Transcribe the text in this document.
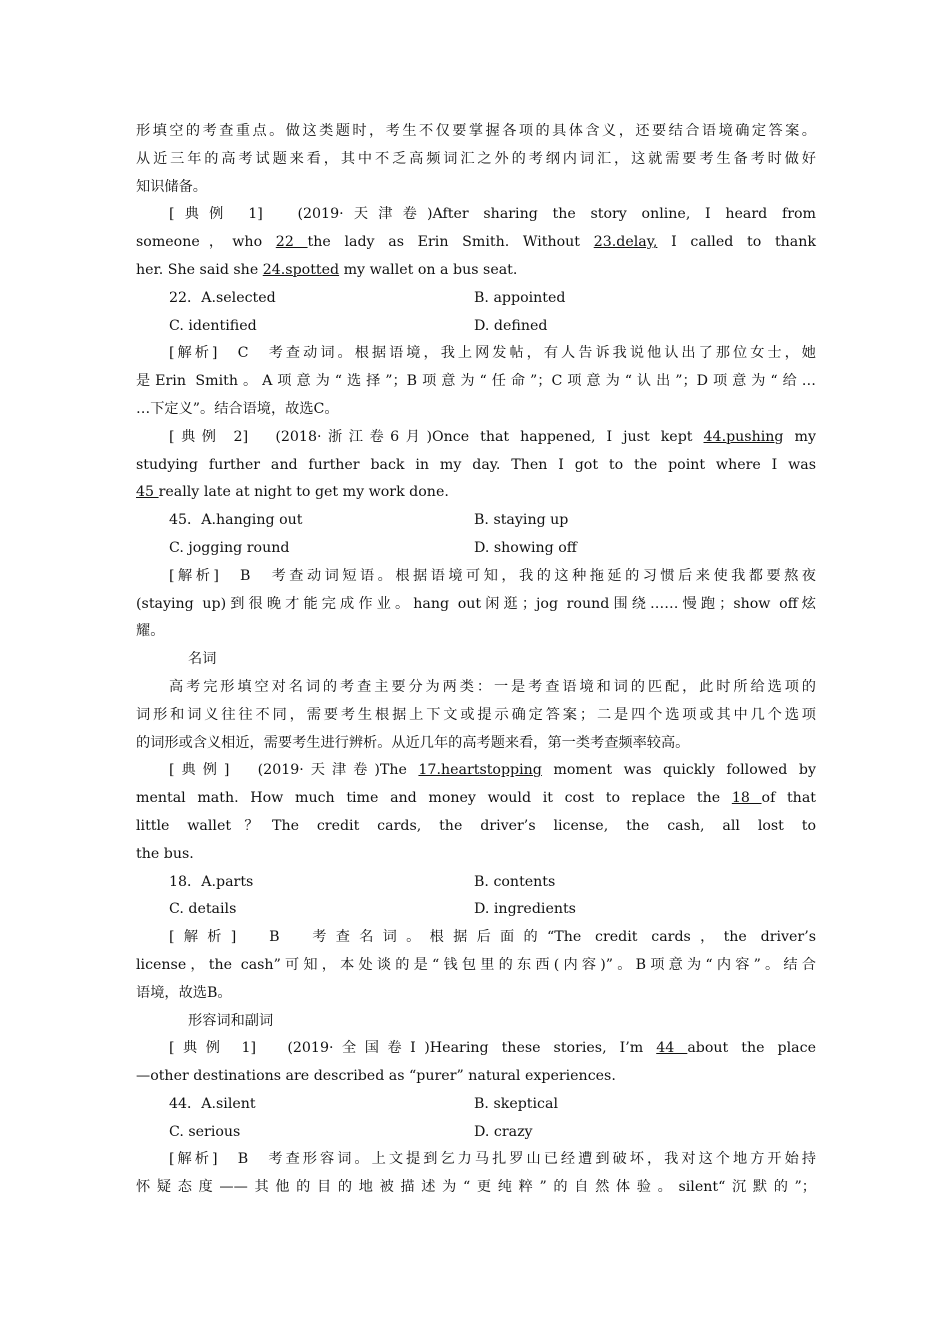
形填空的考查重点。做这类题时，考生不仅要掌握各项的具体含义，还要结合语境确定答案。
从近三年的高考试题来看，其中不乏高频词汇之外的考纲内词汇，这就需要考生备考时做好
知识储备。
[典例 1]　(2019·天津卷)After sharing the story online, I heard from
someone，who 22 the lady as Erin Smith. Without 23.delay, I called to thank
her. She said she 24.spotted my wallet on a bus seat.
22．A.selected	B. appointed
C. identified	D. defined
[解析]　C　考查动词。根据语境，我上网发帖，有人告诉我说他认出了那位女士，她
是Erin Smith。A项意为“选择”；B项意为“任命”；C项意为“认出”；D项意为“给…
…下定义”。结合语境，故选C。
[典例 2]　(2018·浙江卷6月)Once that happened, I just kept 44.pushing my
studying further and further back in my day. Then I got to the point where I was
45 really late at night to get my work done.
45．A.hanging out	B. staying up
C. jogging round	D. showing off
[解析]　B　考查动词短语。根据语境可知，我的这种拖延的习惯后来使我都要熬夜
(staying up)到很晚才能完成作业。hang out闲逛；jog round围绕……慢跑；show off炫
耀。
名词
高考完形填空对名词的考查主要分为两类：一是考查语境和词的匹配，此时所给选项的
词形和词义往往不同，需要考生根据上下文或提示确定答案；二是四个选项或其中几个选项
的词形或含义相近，需要考生进行辨析。从近几年的高考题来看，第一类考查频率较高。
[典例]　(2019·天津卷)The 17.heartstopping moment was quickly followed by
mental math. How much time and money would it cost to replace the 18 of that
little wallet？The credit cards, the driver’s license, the cash, all lost to
the bus.
18．A.parts	B. contents
C. details	D. ingredients
[解析]　B　考查名词。根据后面的“The credit cards，the driver’s
license，the cash”可知，本处谈的是“钱包里的东西(内容)”。B项意为“内容”。结合
语境，故选B。
形容词和副词
[典例 1]　(2019·全国卷Ⅰ)Hearing these stories, I’m 44 about the place
—other destinations are described as “purer” natural experiences.
44．A.silent	B. skeptical
C. serious	D. crazy
[解析]　B　考查形容词。上文提到乞力马扎罗山已经遭到破坏，我对这个地方开始持
怀疑态度——其他的目的地被描述为“更纯粹”的自然体验。silent“沉默的”；
